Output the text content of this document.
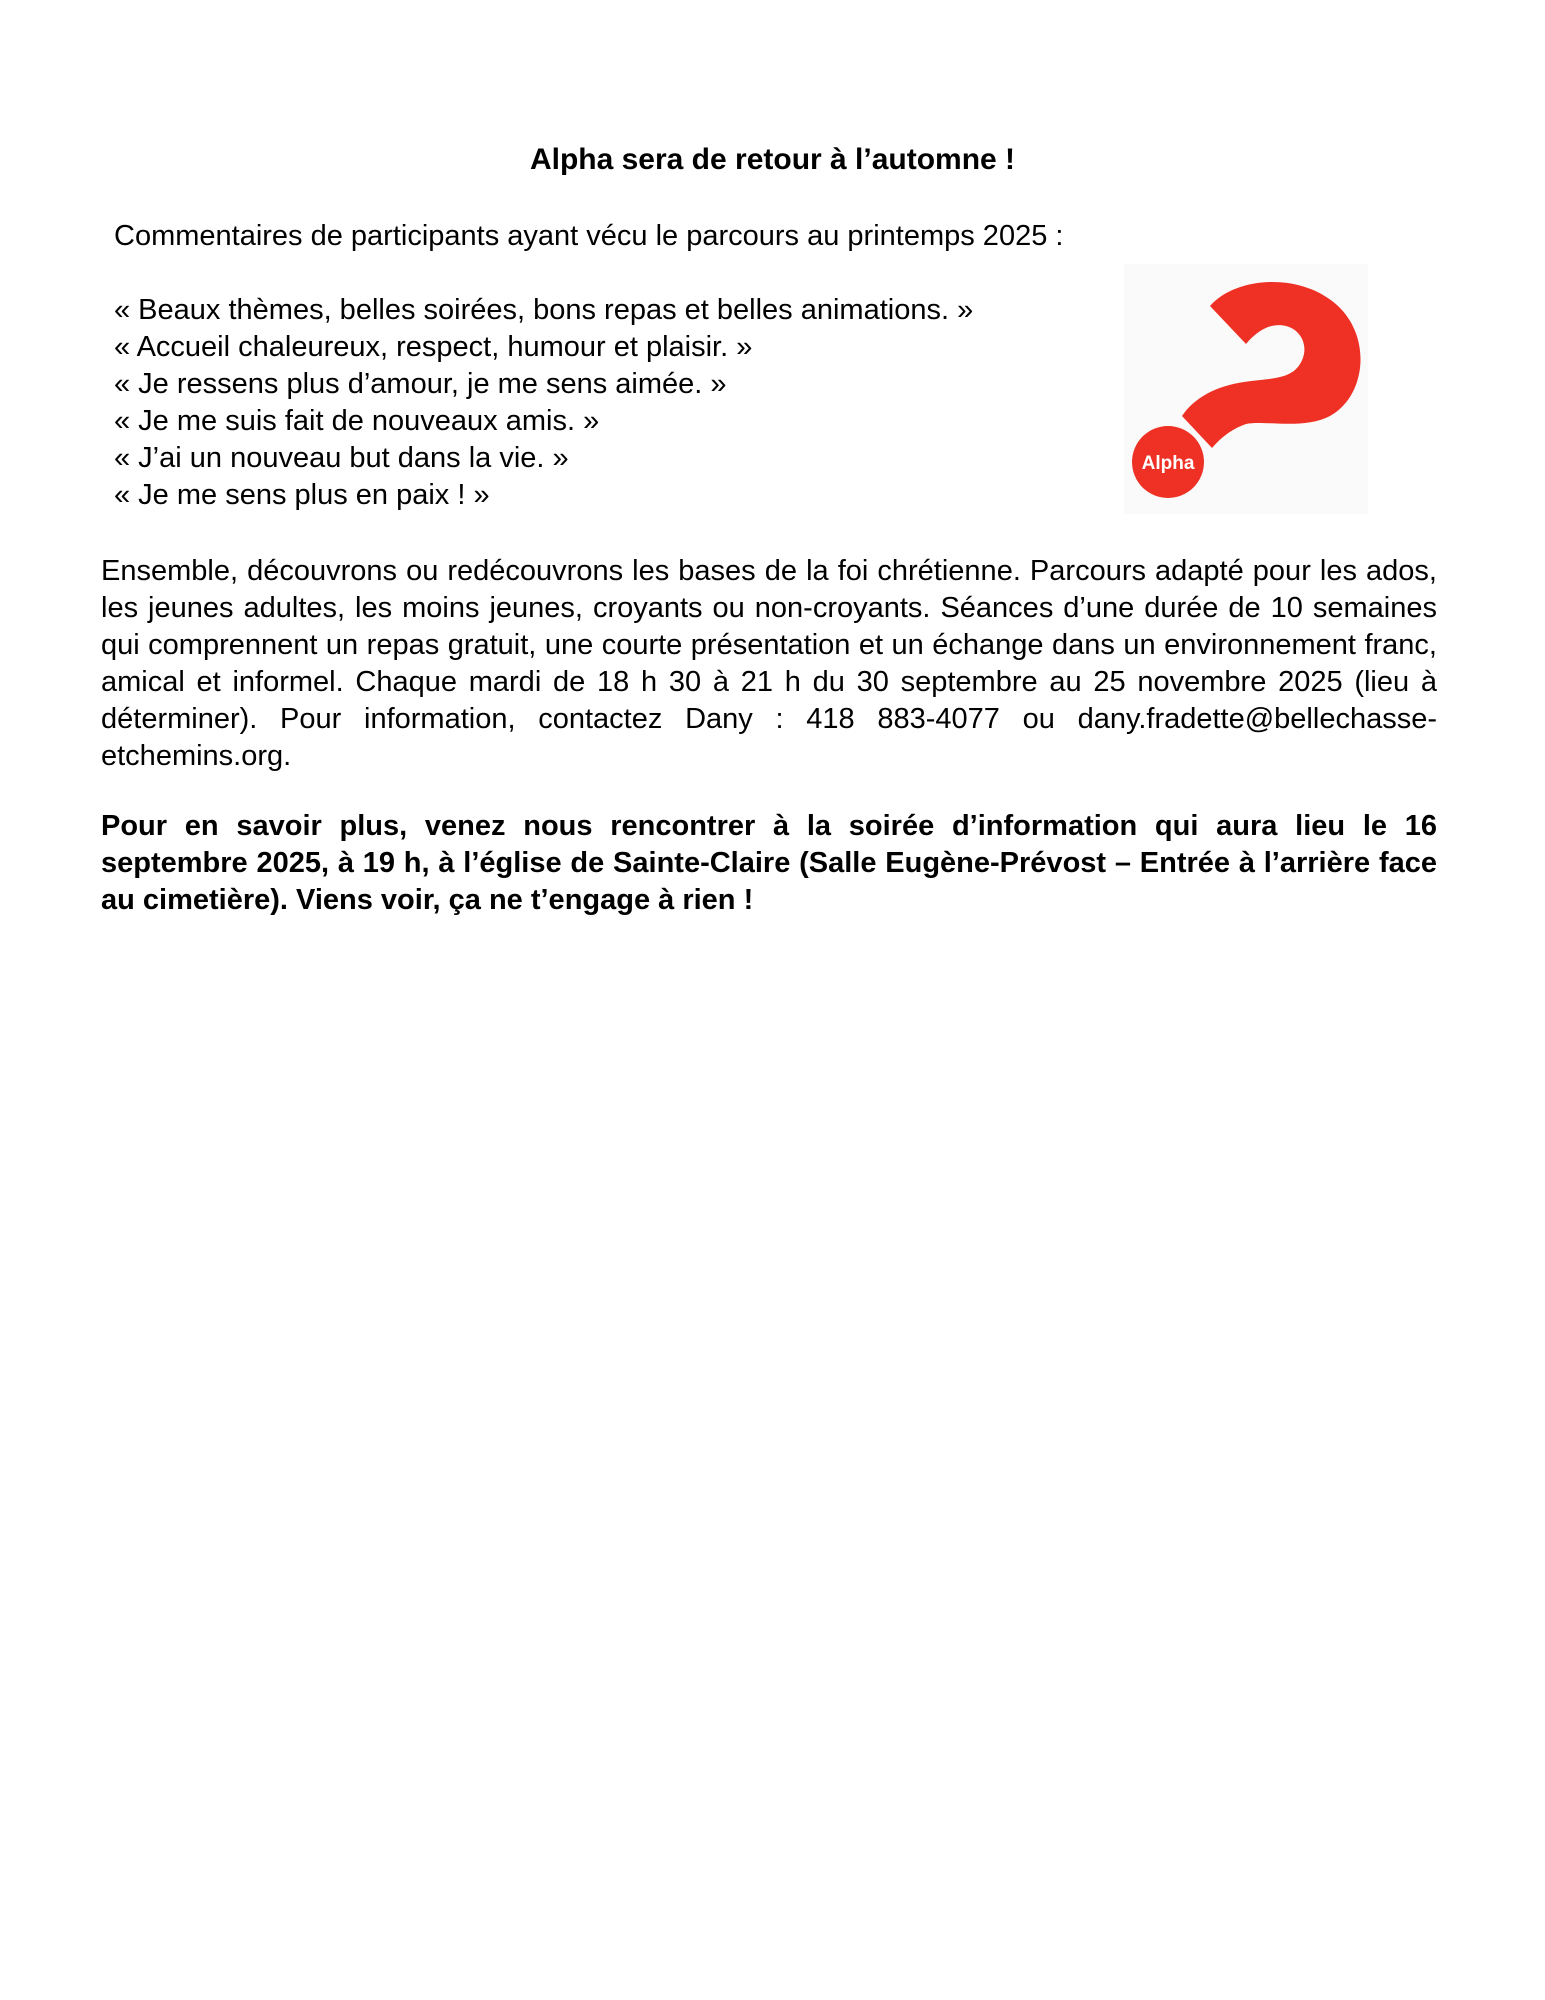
Alpha sera de retour à l’automne !
Commentaires de participants ayant vécu le parcours au printemps 2025 :
« Beaux thèmes, belles soirées, bons repas et belles animations. »
« Accueil chaleureux, respect, humour et plaisir. »
« Je ressens plus d’amour, je me sens aimée. »
« Je me suis fait de nouveaux amis. »
« J’ai un nouveau but dans la vie. »
« Je me sens plus en paix ! »
Alpha

Ensemble, découvrons ou redécouvrons les bases de la foi chrétienne. Parcours adapté pour les ados, les jeunes adultes, les moins jeunes, croyants ou non-croyants. Séances d’une durée de 10 semaines qui comprennent un repas gratuit, une courte présentation et un échange dans un environnement franc, amical et informel. Chaque mardi de 18 h 30 à 21 h du 30 septembre au 25 novembre 2025 (lieu à déterminer). Pour information, contactez Dany : 418 883-4077 ou dany.fradette@bellechasse-etchemins.org.

Pour en savoir plus, venez nous rencontrer à la soirée d’information qui aura lieu le 16 septembre 2025, à 19 h, à l’église de Sainte-Claire (Salle Eugène-Prévost – Entrée à l’arrière face au cimetière). Viens voir, ça ne t’engage à rien !
